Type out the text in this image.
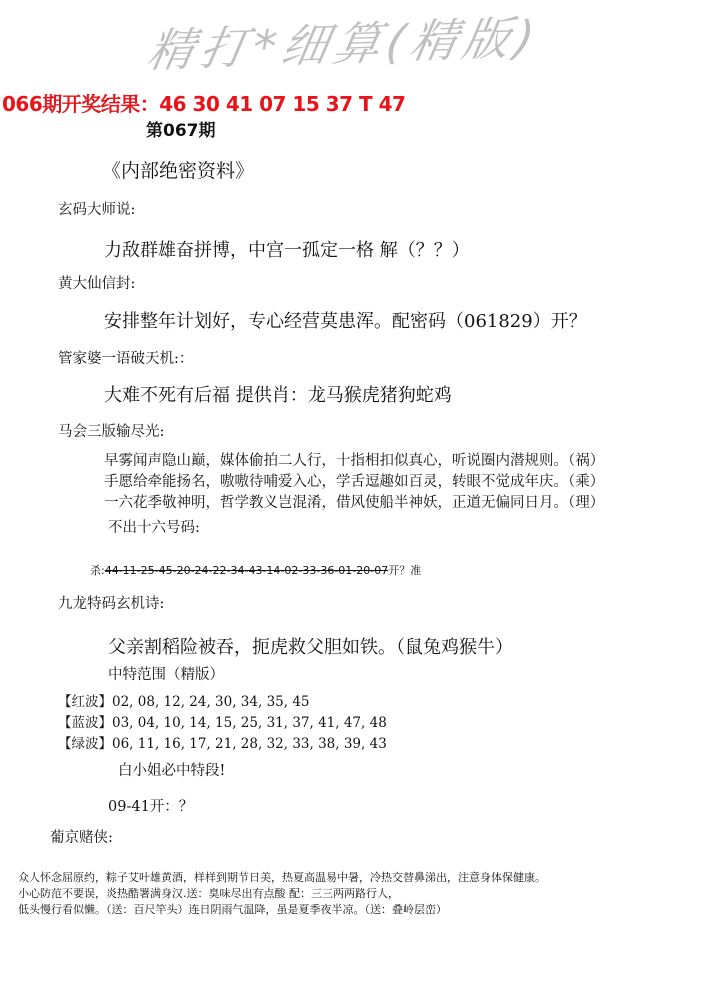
精打*细算(精版)
066期开奖结果：46 30 41 07 15 37 T 47
第067期
《内部绝密资料》
玄码大师说:
力敌群雄奋拼博，中宫一孤定一格 解（？？）
黄大仙信封:
安排整年计划好，专心经营莫患浑。配密码（061829）开？
管家婆一语破天机:：
大难不死有后福 提供肖：龙马猴虎猪狗蛇鸡
马会三版输尽光:
早雾闻声隐山巅，媒体偷拍二人行，十指相扣似真心，听说圈内潜规则。（祸）
手愿给牵能扬名，嗷嗷待哺爱入心，学舌逗趣如百灵，转眼不觉成年庆。（乘）
一六花季敬神明，哲学教义岂混淆，借风使船半神妖，正道无偏同日月。（理）
不出十六号码:
杀:44-11-25-45-20-24-22-34-43-14-02-33-36-01-20-07开？准
九龙特码玄机诗:
父亲割稻险被吞，扼虎救父胆如铁。（鼠兔鸡猴牛）
中特范围（精版）
【红波】02, 08, 12, 24, 30, 34, 35, 45
【蓝波】03, 04, 10, 14, 15, 25, 31, 37, 41, 47, 48
【绿波】06, 11, 16, 17, 21, 28, 32, 33, 38, 39, 43
白小姐必中特段!
09-41开：？
葡京赌侠:
众人怀念屈原约，粽子艾叶雄黄酒，样样到期节日美，热夏高温易中暑，冷热交替鼻涕出，注意身体保健康。
小心防范不要误，炎热酷署满身汉.送：臭味尽出有点酸 配：三三两两路行人，
低头慢行看似懒。（送：百尺竿头）连日阴雨气温降，虽是夏季夜半凉。（送：叠岭层峦）
